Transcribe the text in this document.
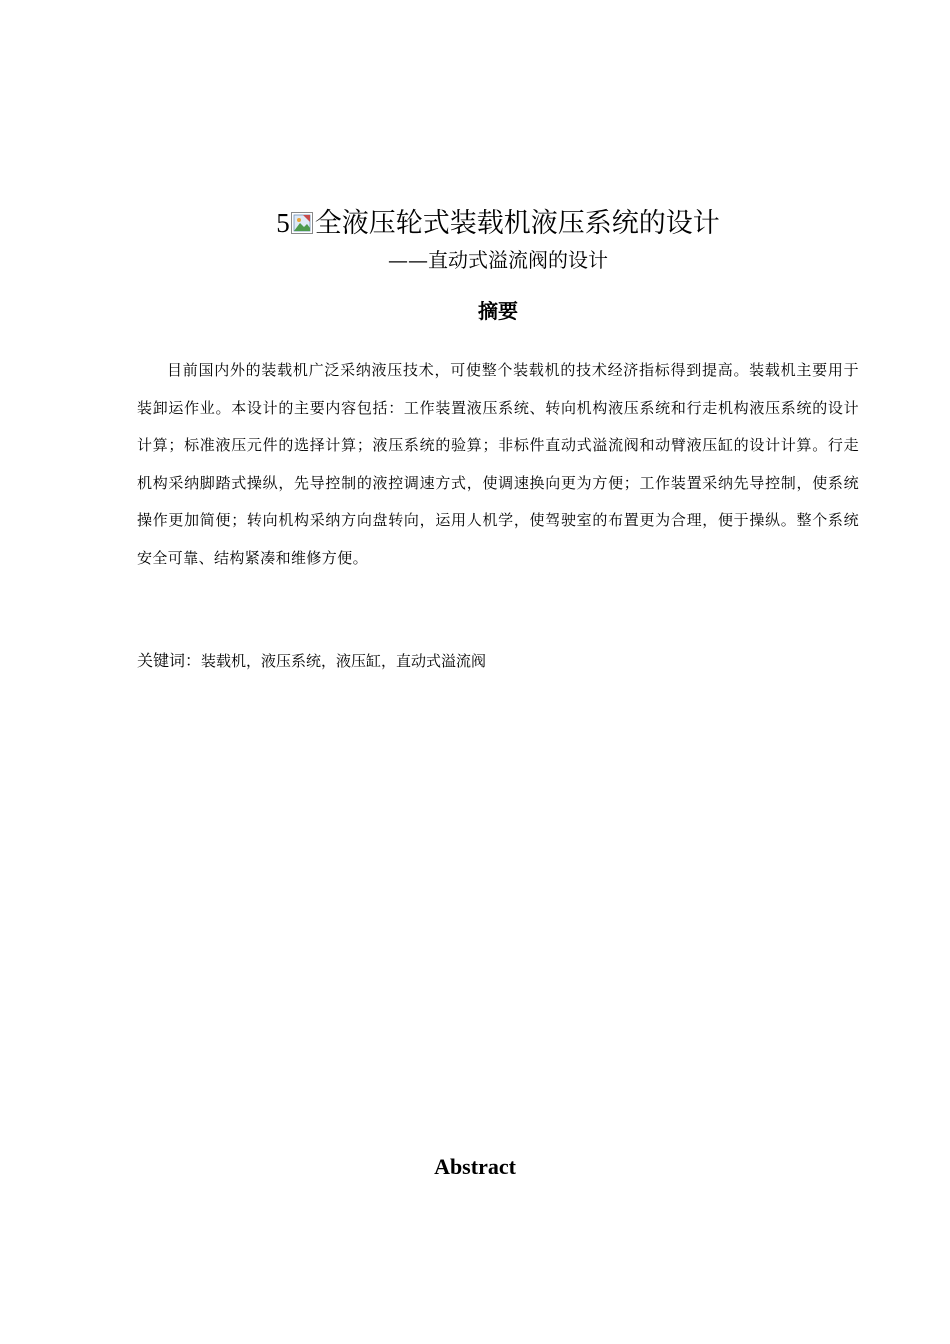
5 全液压轮式装载机液压系统的设计
——直动式溢流阀的设计
摘要
目前国内外的装载机广泛采纳液压技术，可使整个装载机的技术经济指标得到提高。装载机主要用于装卸运作业。本设计的主要内容包括：工作装置液压系统、转向机构液压系统和行走机构液压系统的设计计算；标准液压元件的选择计算；液压系统的验算；非标件直动式溢流阀和动臂液压缸的设计计算。行走机构采纳脚踏式操纵，先导控制的液控调速方式，使调速换向更为方便；工作装置采纳先导控制，使系统操作更加简便；转向机构采纳方向盘转向，运用人机学，使驾驶室的布置更为合理，便于操纵。整个系统安全可靠、结构紧凑和维修方便。
关键词：装载机，液压系统，液压缸，直动式溢流阀
Abstract
